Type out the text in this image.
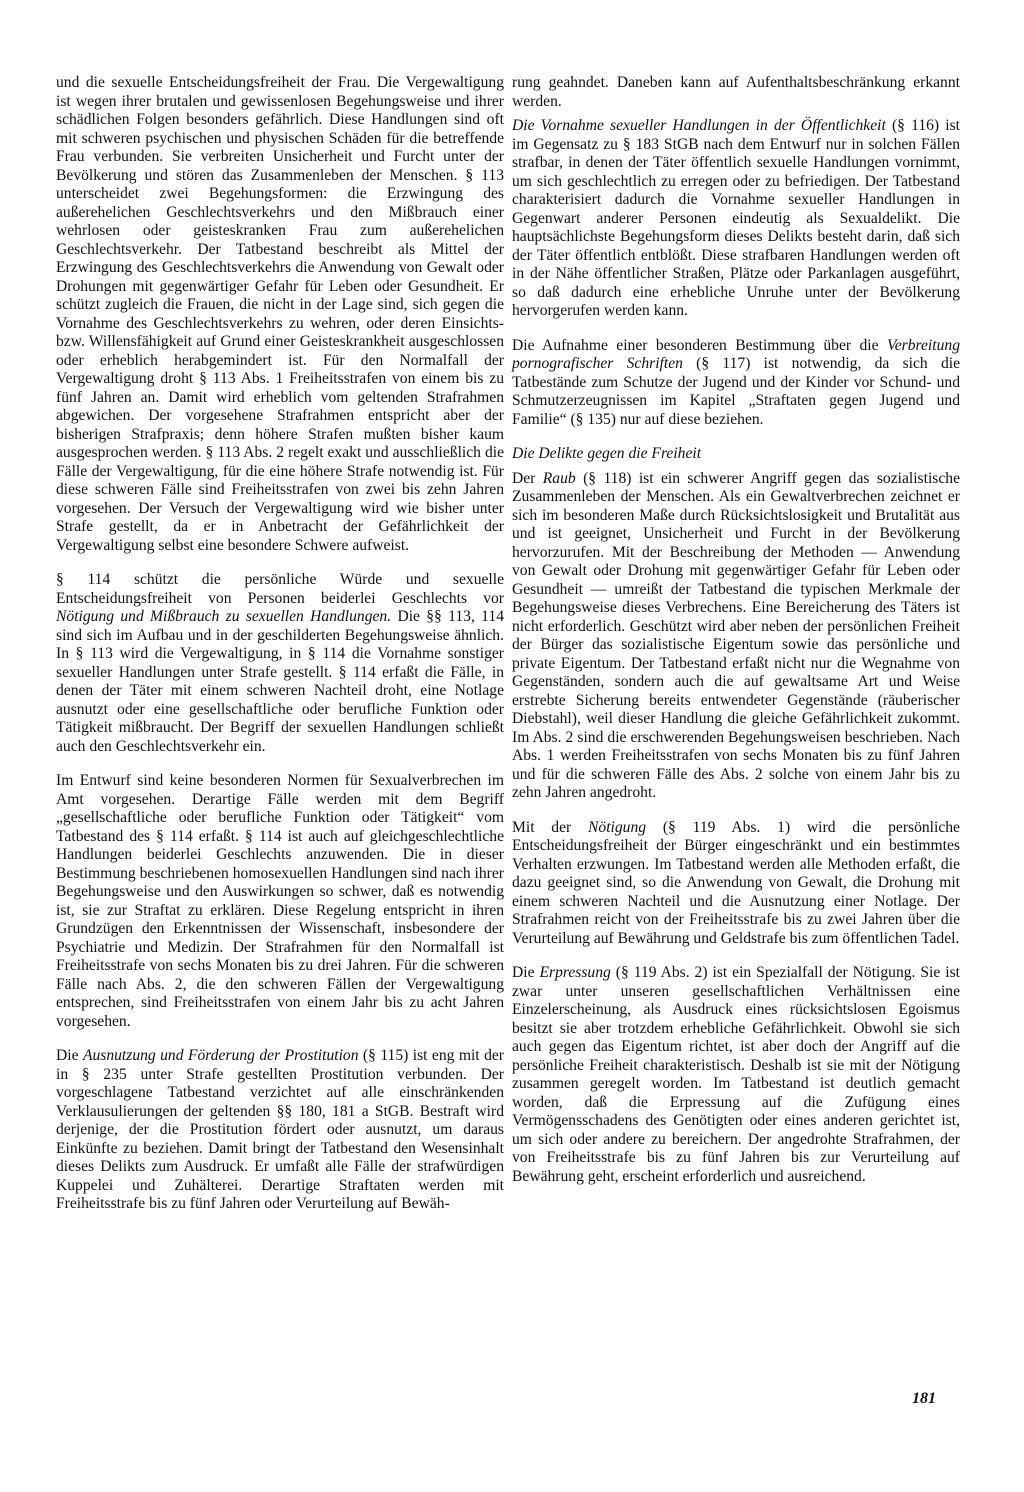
und die sexuelle Entscheidungsfreiheit der Frau. Die Vergewaltigung ist wegen ihrer brutalen und gewissenlosen Begehungsweise und ihrer schädlichen Folgen besonders gefährlich. Diese Handlungen sind oft mit schweren psychischen und physischen Schäden für die betreffende Frau verbunden. Sie verbreiten Unsicherheit und Furcht unter der Bevölkerung und stören das Zusammenleben der Menschen. § 113 unterscheidet zwei Begehungsformen: die Erzwingung des außerehelichen Geschlechtsverkehrs und den Mißbrauch einer wehrlosen oder geisteskranken Frau zum außerehelichen Geschlechtsverkehr. Der Tatbestand beschreibt als Mittel der Erzwingung des Geschlechtsverkehrs die Anwendung von Gewalt oder Drohungen mit gegenwärtiger Gefahr für Leben oder Gesundheit. Er schützt zugleich die Frauen, die nicht in der Lage sind, sich gegen die Vornahme des Geschlechtsverkehrs zu wehren, oder deren Einsichts- bzw. Willensfähigkeit auf Grund einer Geisteskrankheit ausgeschlossen oder erheblich herabgemindert ist. Für den Normalfall der Vergewaltigung droht § 113 Abs. 1 Freiheitsstrafen von einem bis zu fünf Jahren an. Damit wird erheblich vom geltenden Strafrahmen abgewichen. Der vorgesehene Strafrahmen entspricht aber der bisherigen Strafpraxis; denn höhere Strafen mußten bisher kaum ausgesprochen werden. § 113 Abs. 2 regelt exakt und ausschließlich die Fälle der Vergewaltigung, für die eine höhere Strafe notwendig ist. Für diese schweren Fälle sind Freiheitsstrafen von zwei bis zehn Jahren vorgesehen. Der Versuch der Vergewaltigung wird wie bisher unter Strafe gestellt, da er in Anbetracht der Gefährlichkeit der Vergewaltigung selbst eine besondere Schwere aufweist.

§ 114 schützt die persönliche Würde und sexuelle Entscheidungsfreiheit von Personen beiderlei Geschlechts vor Nötigung und Mißbrauch zu sexuellen Handlungen. Die §§ 113, 114 sind sich im Aufbau und in der geschilderten Begehungsweise ähnlich. In § 113 wird die Vergewaltigung, in § 114 die Vornahme sonstiger sexueller Handlungen unter Strafe gestellt. § 114 erfaßt die Fälle, in denen der Täter mit einem schweren Nachteil droht, eine Notlage ausnutzt oder eine gesellschaftliche oder berufliche Funktion oder Tätigkeit mißbraucht. Der Begriff der sexuellen Handlungen schließt auch den Geschlechtsverkehr ein.

Im Entwurf sind keine besonderen Normen für Sexualverbrechen im Amt vorgesehen. Derartige Fälle werden mit dem Begriff „gesellschaftliche oder berufliche Funktion oder Tätigkeit“ vom Tatbestand des § 114 erfaßt. § 114 ist auch auf gleichgeschlechtliche Handlungen beiderlei Geschlechts anzuwenden. Die in dieser Bestimmung beschriebenen homosexuellen Handlungen sind nach ihrer Begehungsweise und den Auswirkungen so schwer, daß es notwendig ist, sie zur Straftat zu erklären. Diese Regelung entspricht in ihren Grundzügen den Erkenntnissen der Wissenschaft, insbesondere der Psychiatrie und Medizin. Der Strafrahmen für den Normalfall ist Freiheitsstrafe von sechs Monaten bis zu drei Jahren. Für die schweren Fälle nach Abs. 2, die den schweren Fällen der Vergewaltigung entsprechen, sind Freiheitsstrafen von einem Jahr bis zu acht Jahren vorgesehen.

Die Ausnutzung und Förderung der Prostitution (§ 115) ist eng mit der in § 235 unter Strafe gestellten Prostitution verbunden. Der vorgeschlagene Tatbestand verzichtet auf alle einschränkenden Verklausulierungen der geltenden §§ 180, 181 a StGB. Bestraft wird derjenige, der die Prostitution fördert oder ausnutzt, um daraus Einkünfte zu beziehen. Damit bringt der Tatbestand den Wesensinhalt dieses Delikts zum Ausdruck. Er umfaßt alle Fälle der strafwürdigen Kuppelei und Zuhälterei. Derartige Straftaten werden mit Freiheitsstrafe bis zu fünf Jahren oder Verurteilung auf Bewäh-

rung geahndet. Daneben kann auf Aufenthaltsbeschränkung erkannt werden.

Die Vornahme sexueller Handlungen in der Öffentlichkeit (§ 116) ist im Gegensatz zu § 183 StGB nach dem Entwurf nur in solchen Fällen strafbar, in denen der Täter öffentlich sexuelle Handlungen vornimmt, um sich geschlechtlich zu erregen oder zu befriedigen. Der Tatbestand charakterisiert dadurch die Vornahme sexueller Handlungen in Gegenwart anderer Personen eindeutig als Sexualdelikt. Die hauptsächlichste Begehungsform dieses Delikts besteht darin, daß sich der Täter öffentlich entblößt. Diese strafbaren Handlungen werden oft in der Nähe öffentlicher Straßen, Plätze oder Parkanlagen ausgeführt, so daß dadurch eine erhebliche Unruhe unter der Bevölkerung hervorgerufen werden kann.

Die Aufnahme einer besonderen Bestimmung über die Verbreitung pornografischer Schriften (§ 117) ist notwendig, da sich die Tatbestände zum Schutze der Jugend und der Kinder vor Schund- und Schmutzerzeugnissen im Kapitel „Straftaten gegen Jugend und Familie“ (§ 135) nur auf diese beziehen.

Die Delikte gegen die Freiheit

Der Raub (§ 118) ist ein schwerer Angriff gegen das sozialistische Zusammenleben der Menschen. Als ein Gewaltverbrechen zeichnet er sich im besonderen Maße durch Rücksichtslosigkeit und Brutalität aus und ist geeignet, Unsicherheit und Furcht in der Bevölkerung hervorzurufen. Mit der Beschreibung der Methoden — Anwendung von Gewalt oder Drohung mit gegenwärtiger Gefahr für Leben oder Gesundheit — umreißt der Tatbestand die typischen Merkmale der Begehungsweise dieses Verbrechens. Eine Bereicherung des Täters ist nicht erforderlich. Geschützt wird aber neben der persönlichen Freiheit der Bürger das sozialistische Eigentum sowie das persönliche und private Eigentum. Der Tatbestand erfaßt nicht nur die Wegnahme von Gegenständen, sondern auch die auf gewaltsame Art und Weise erstrebte Sicherung bereits entwendeter Gegenstände (räuberischer Diebstahl), weil dieser Handlung die gleiche Gefährlichkeit zukommt. Im Abs. 2 sind die erschwerenden Begehungsweisen beschrieben. Nach Abs. 1 werden Freiheitsstrafen von sechs Monaten bis zu fünf Jahren und für die schweren Fälle des Abs. 2 solche von einem Jahr bis zu zehn Jahren angedroht.

Mit der Nötigung (§ 119 Abs. 1) wird die persönliche Entscheidungsfreiheit der Bürger eingeschränkt und ein bestimmtes Verhalten erzwungen. Im Tatbestand werden alle Methoden erfaßt, die dazu geeignet sind, so die Anwendung von Gewalt, die Drohung mit einem schweren Nachteil und die Ausnutzung einer Notlage. Der Strafrahmen reicht von der Freiheitsstrafe bis zu zwei Jahren über die Verurteilung auf Bewährung und Geldstrafe bis zum öffentlichen Tadel.

Die Erpressung (§ 119 Abs. 2) ist ein Spezialfall der Nötigung. Sie ist zwar unter unseren gesellschaftlichen Verhältnissen eine Einzelerscheinung, als Ausdruck eines rücksichtslosen Egoismus besitzt sie aber trotzdem erhebliche Gefährlichkeit. Obwohl sie sich auch gegen das Eigentum richtet, ist aber doch der Angriff auf die persönliche Freiheit charakteristisch. Deshalb ist sie mit der Nötigung zusammen geregelt worden. Im Tatbestand ist deutlich gemacht worden, daß die Erpressung auf die Zufügung eines Vermögensschadens des Genötigten oder eines anderen gerichtet ist, um sich oder andere zu bereichern. Der angedrohte Strafrahmen, der von Freiheitsstrafe bis zu fünf Jahren bis zur Verurteilung auf Bewährung geht, erscheint erforderlich und ausreichend.

181
